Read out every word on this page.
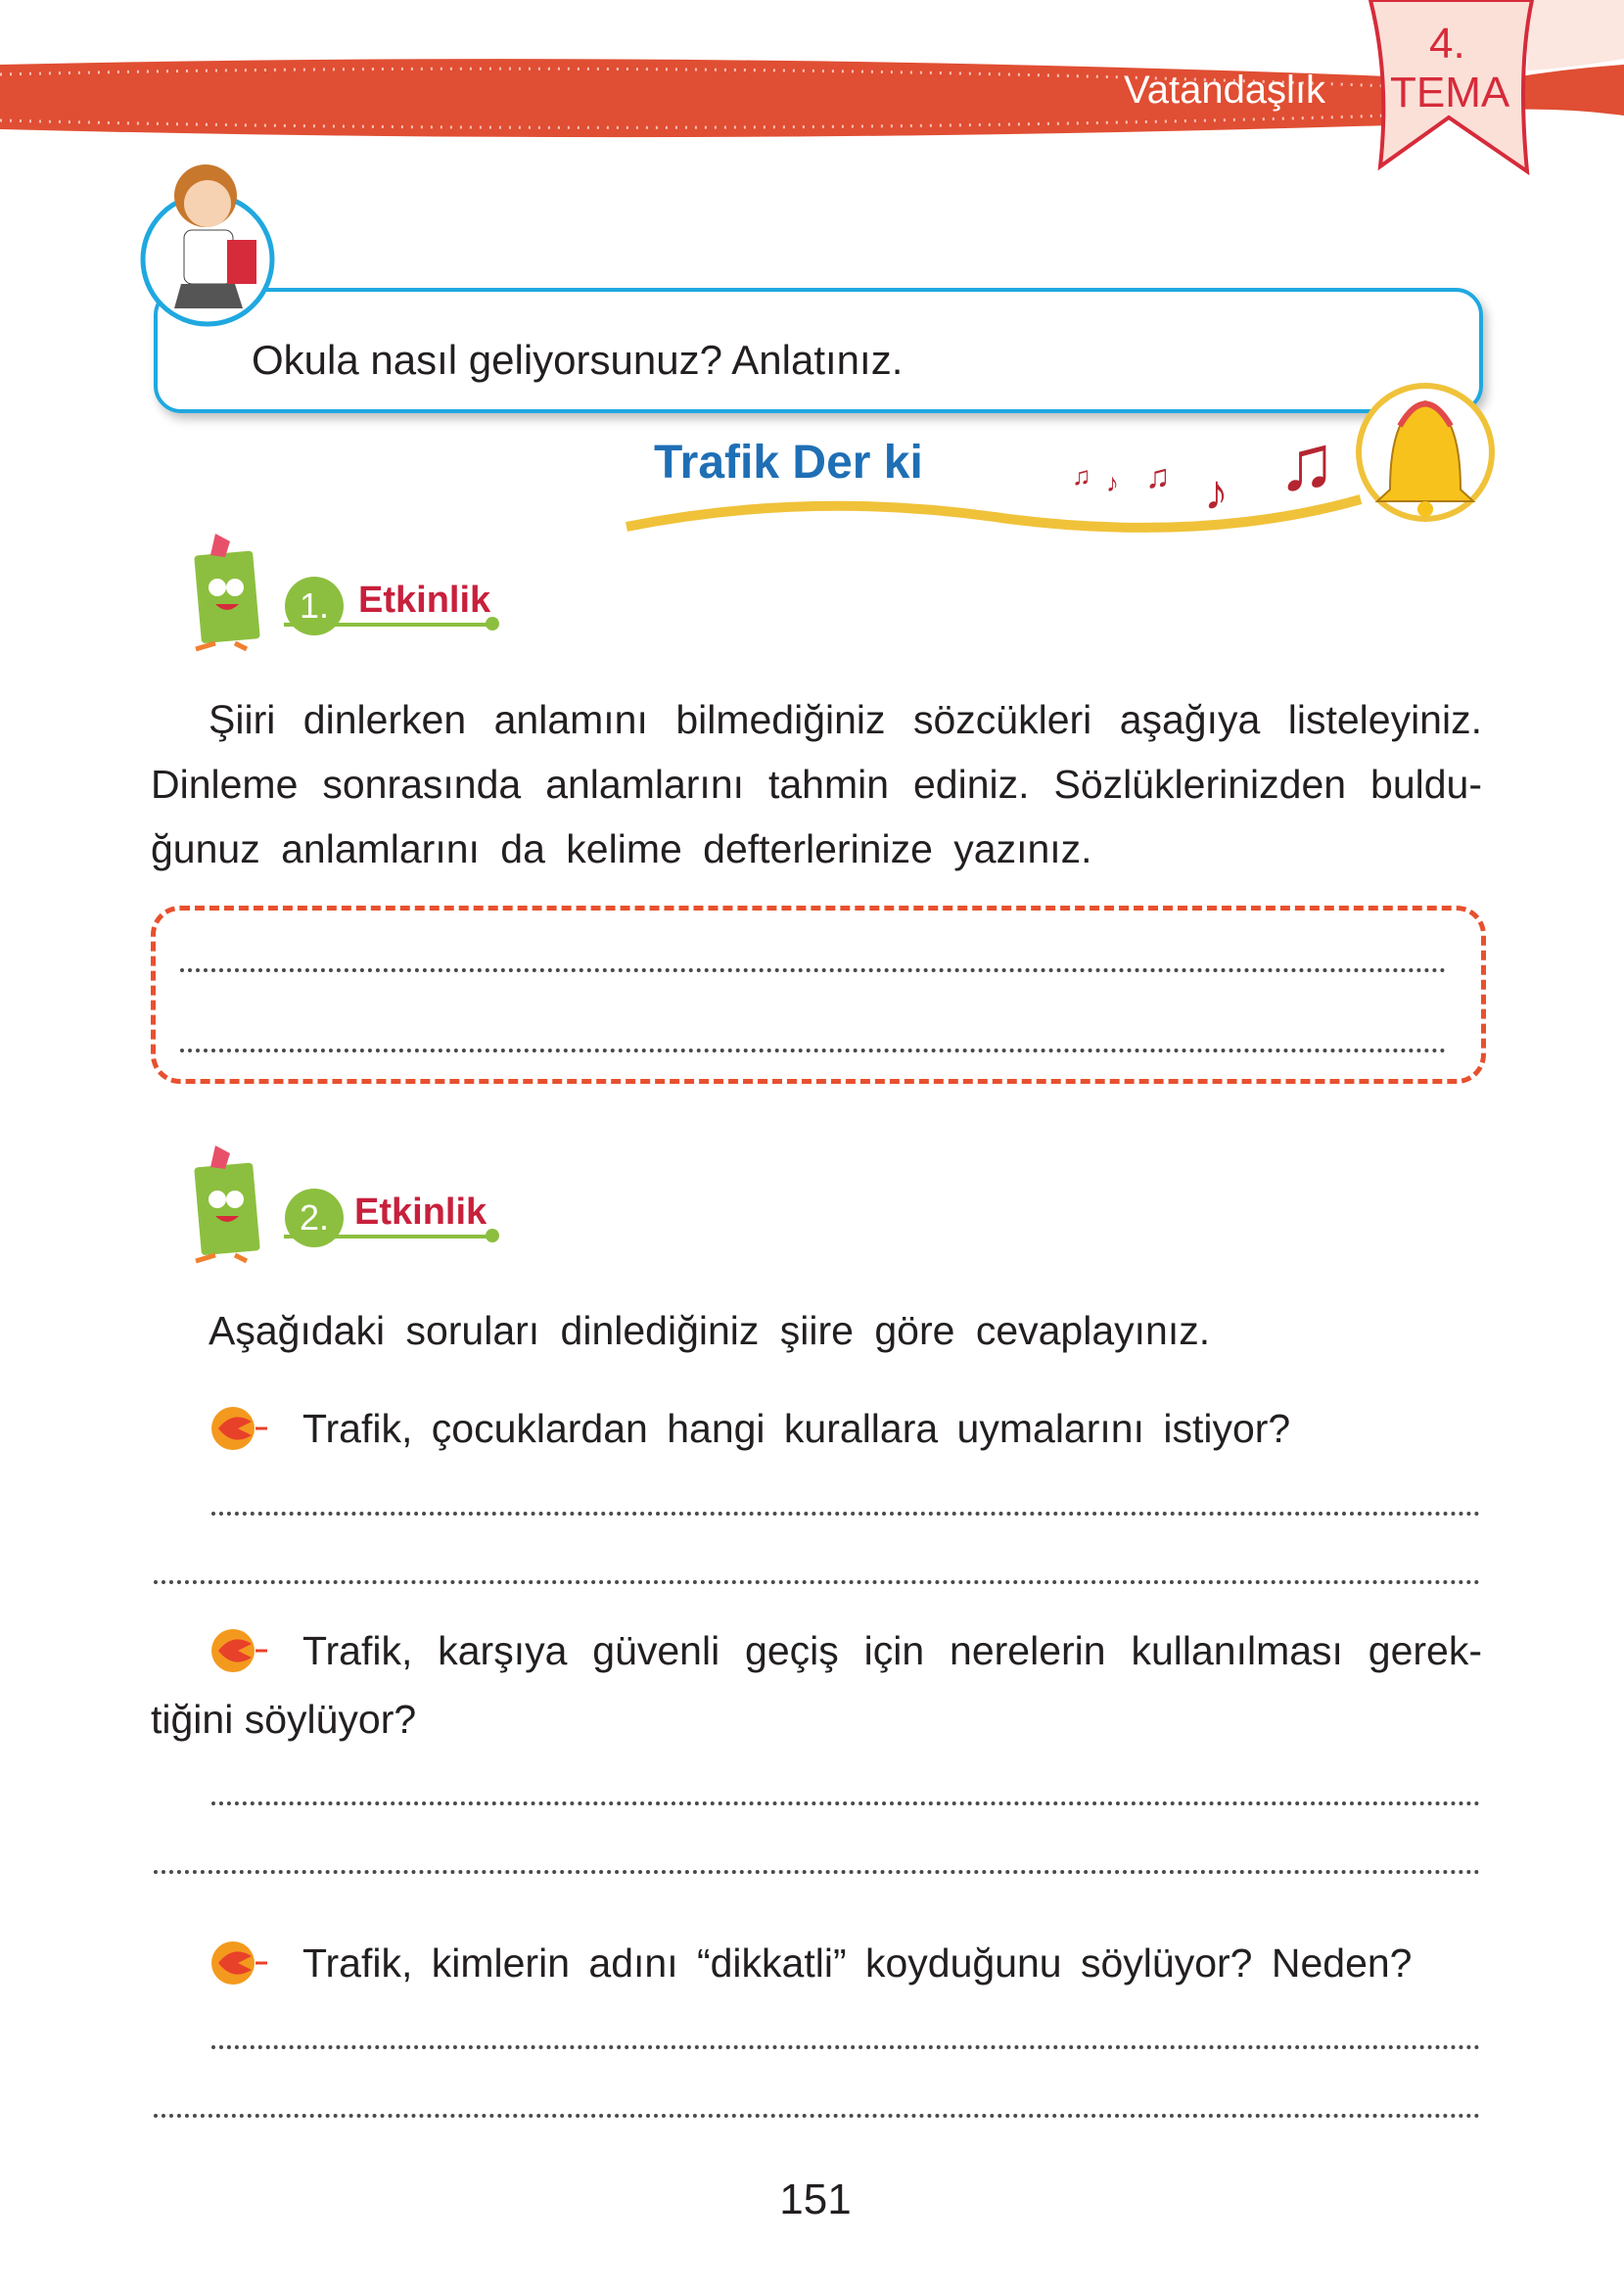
Vatandaşlık
4.
TEMA
Okula nasıl geliyorsunuz? Anlatınız.
♫ ♪ ♫ ♪ ♫
Trafik Der ki
1. Etkinlik
Şiiri dinlerken anlamını bilmediğiniz sözcükleri aşağıya listeleyiniz.
Dinleme sonrasında anlamlarını tahmin ediniz. Sözlüklerinizden buldu-
ğunuz anlamlarını da kelime defterlerinize yazınız.
2. Etkinlik
Aşağıdaki soruları dinlediğiniz şiire göre cevaplayınız.
Trafik, çocuklardan hangi kurallara uymalarını istiyor?
Trafik, karşıya güvenli geçiş için nerelerin kullanılması gerek-
tiğini söylüyor?
Trafik, kimlerin adını “dikkatli” koyduğunu söylüyor? Neden?
151
